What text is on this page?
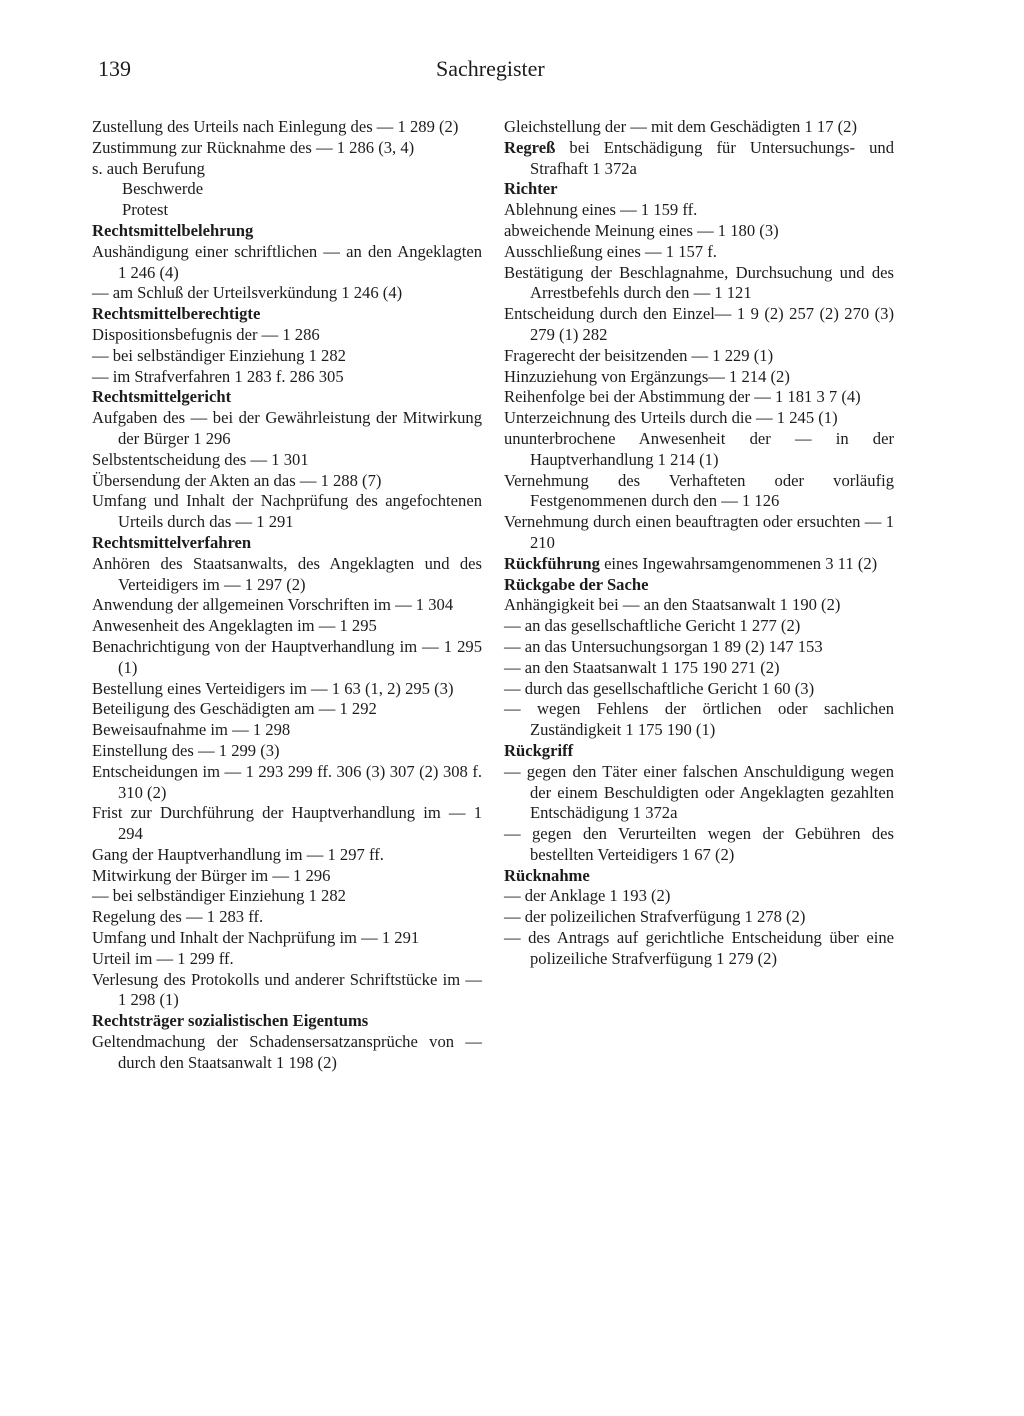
139	Sachregister
Zustellung des Urteils nach Einlegung des — 1 289 (2)
Zustimmung zur Rücknahme des — 1 286 (3, 4)
s. auch Berufung
Beschwerde
Protest
Rechtsmittelbelehrung
Aushändigung einer schriftlichen — an den Angeklagten 1 246 (4)
— am Schluß der Urteilsverkündung 1 246 (4)
Rechtsmittelberechtigte
Dispositionsbefugnis der — 1 286
— bei selbständiger Einziehung 1 282
— im Strafverfahren 1 283 f. 286 305
Rechtsmittelgericht
Aufgaben des — bei der Gewährleistung der Mitwirkung der Bürger 1 296
Selbstentscheidung des — 1 301
Übersendung der Akten an das — 1 288 (7)
Umfang und Inhalt der Nachprüfung des angefochtenen Urteils durch das — 1 291
Rechtsmittelverfahren
Anhören des Staatsanwalts, des Angeklagten und des Verteidigers im — 1 297 (2)
Anwendung der allgemeinen Vorschriften im — 1 304
Anwesenheit des Angeklagten im — 1 295
Benachrichtigung von der Hauptverhandlung im — 1 295 (1)
Bestellung eines Verteidigers im — 1 63 (1, 2) 295 (3)
Beteiligung des Geschädigten am — 1 292
Beweisaufnahme im — 1 298
Einstellung des — 1 299 (3)
Entscheidungen im — 1 293 299 ff. 306 (3) 307 (2) 308 f. 310 (2)
Frist zur Durchführung der Hauptverhandlung im — 1 294
Gang der Hauptverhandlung im — 1 297 ff.
Mitwirkung der Bürger im — 1 296
— bei selbständiger Einziehung 1 282
Regelung des — 1 283 ff.
Umfang und Inhalt der Nachprüfung im — 1 291
Urteil im — 1 299 ff.
Verlesung des Protokolls und anderer Schriftstücke im — 1 298 (1)
Rechtsträger sozialistischen Eigentums
Geltendmachung der Schadensersatzansprüche von — durch den Staatsanwalt 1 198 (2)
Gleichstellung der — mit dem Geschädigten 1 17 (2)
Regreß bei Entschädigung für Untersuchungs- und Strafhaft 1 372a
Richter
Ablehnung eines — 1 159 ff.
abweichende Meinung eines — 1 180 (3)
Ausschließung eines — 1 157 f.
Bestätigung der Beschlagnahme, Durchsuchung und des Arrestbefehls durch den — 1 121
Entscheidung durch den Einzel— 1 9 (2) 257 (2) 270 (3) 279 (1) 282
Fragerecht der beisitzenden — 1 229 (1)
Hinzuziehung von Ergänzungs— 1 214 (2)
Reihenfolge bei der Abstimmung der — 1 181 3 7 (4)
Unterzeichnung des Urteils durch die — 1 245 (1)
ununterbrochene Anwesenheit der — in der Hauptverhandlung 1 214 (1)
Vernehmung des Verhafteten oder vorläufig Festgenommenen durch den — 1 126
Vernehmung durch einen beauftragten oder ersuchten — 1 210
Rückführung eines Ingewahrsamgenommenen 3 11 (2)
Rückgabe der Sache
Anhängigkeit bei — an den Staatsanwalt 1 190 (2)
— an das gesellschaftliche Gericht 1 277 (2)
— an das Untersuchungsorgan 1 89 (2) 147 153
— an den Staatsanwalt 1 175 190 271 (2)
— durch das gesellschaftliche Gericht 1 60 (3)
— wegen Fehlens der örtlichen oder sachlichen Zuständigkeit 1 175 190 (1)
Rückgriff
— gegen den Täter einer falschen Anschuldigung wegen der einem Beschuldigten oder Angeklagten gezahlten Entschädigung 1 372a
— gegen den Verurteilten wegen der Gebühren des bestellten Verteidigers 1 67 (2)
Rücknahme
— der Anklage 1 193 (2)
— der polizeilichen Strafverfügung 1 278 (2)
— des Antrags auf gerichtliche Entscheidung über eine polizeiliche Strafverfügung 1 279 (2)
